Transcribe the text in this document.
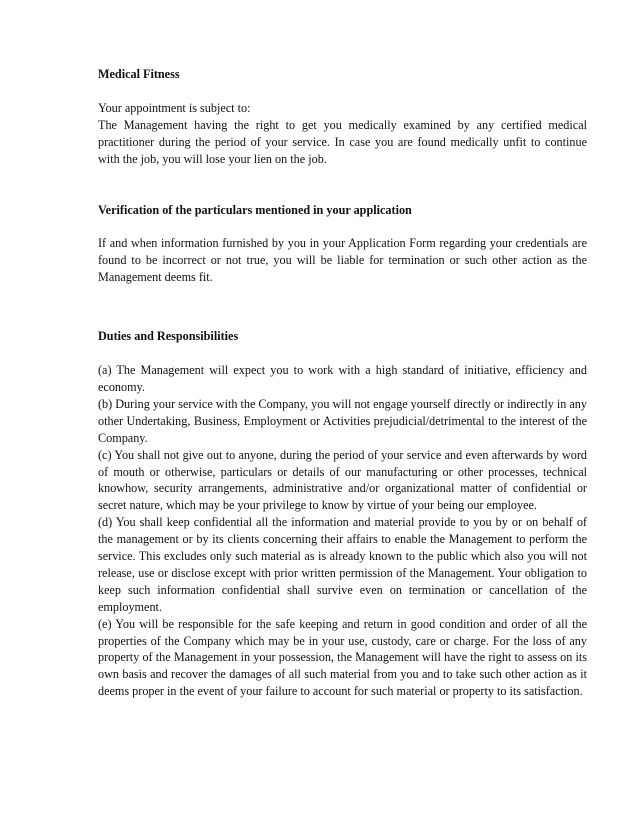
Medical Fitness

Your appointment is subject to:

The Management having the right to get you medically examined by any certified medical practitioner during the period of your service. In case you are found medically unfit to continue with the job, you will lose your lien on the job.

Verification of the particulars mentioned in your application

If and when information furnished by you in your Application Form regarding your credentials are found to be incorrect or not true, you will be liable for termination or such other action as the Management deems fit.

Duties and Responsibilities

(a) The Management will expect you to work with a high standard of initiative, efficiency and economy.

(b) During your service with the Company, you will not engage yourself directly or indirectly in any other Undertaking, Business, Employment or Activities prejudicial/detrimental to the interest of the Company.

(c) You shall not give out to anyone, during the period of your service and even afterwards by word of mouth or otherwise, particulars or details of our manufacturing or other processes, technical knowhow, security arrangements, administrative and/or organizational matter of confidential or secret nature, which may be your privilege to know by virtue of your being our employee.

(d) You shall keep confidential all the information and material provide to you by or on behalf of the management or by its clients concerning their affairs to enable the Management to perform the service. This excludes only such material as is already known to the public which also you will not release, use or disclose except with prior written permission of the Management. Your obligation to keep such information confidential shall survive even on termination or cancellation of the employment.

(e) You will be responsible for the safe keeping and return in good condition and order of all the properties of the Company which may be in your use, custody, care or charge. For the loss of any property of the Management in your possession, the Management will have the right to assess on its own basis and recover the damages of all such material from you and to take such other action as it deems proper in the event of your failure to account for such material or property to its satisfaction.
